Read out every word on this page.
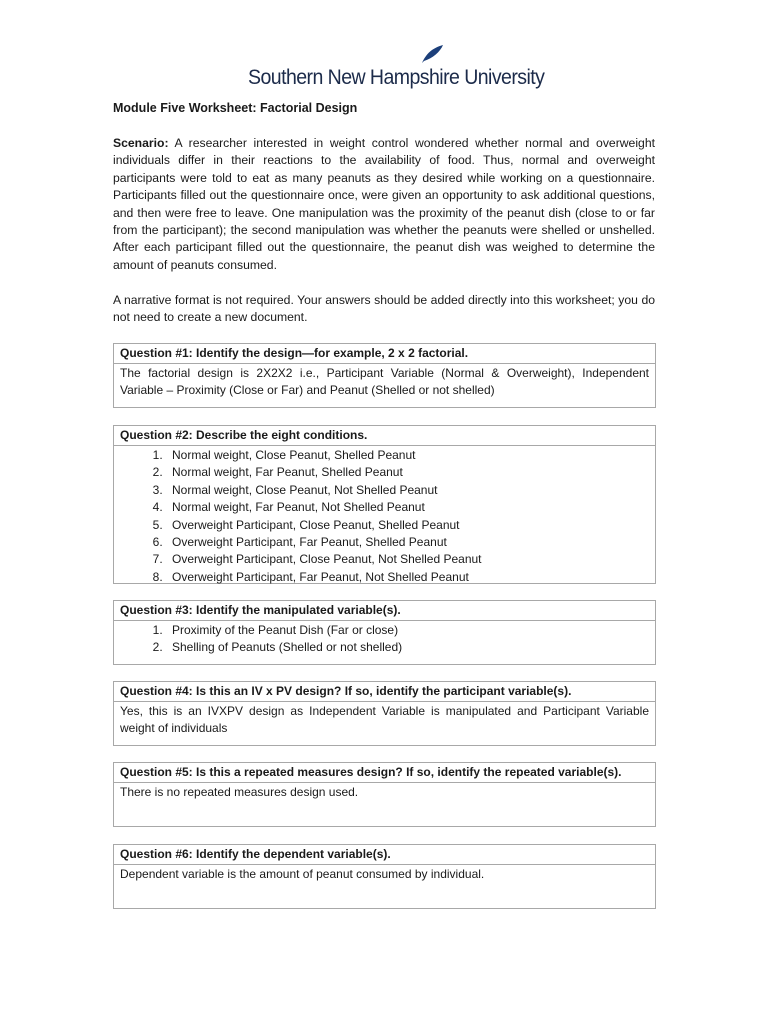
Southern New Hampshire University
Module Five Worksheet: Factorial Design

Scenario: A researcher interested in weight control wondered whether normal and overweight individuals differ in their reactions to the availability of food. Thus, normal and overweight participants were told to eat as many peanuts as they desired while working on a questionnaire. Participants filled out the questionnaire once, were given an opportunity to ask additional questions, and then were free to leave. One manipulation was the proximity of the peanut dish (close to or far from the participant); the second manipulation was whether the peanuts were shelled or unshelled. After each participant filled out the questionnaire, the peanut dish was weighed to determine the amount of peanuts consumed.

A narrative format is not required. Your answers should be added directly into this worksheet; you do not need to create a new document.

Question #1: Identify the design—for example, 2 x 2 factorial.

The factorial design is 2X2X2 i.e., Participant Variable (Normal & Overweight), Independent Variable – Proximity (Close or Far) and Peanut (Shelled or not shelled)

Question #2: Describe the eight conditions.
1. Normal weight, Close Peanut, Shelled Peanut
2. Normal weight, Far Peanut, Shelled Peanut
3. Normal weight, Close Peanut, Not Shelled Peanut
4. Normal weight, Far Peanut, Not Shelled Peanut
5. Overweight Participant, Close Peanut, Shelled Peanut
6. Overweight Participant, Far Peanut, Shelled Peanut
7. Overweight Participant, Close Peanut, Not Shelled Peanut
8. Overweight Participant, Far Peanut, Not Shelled Peanut
Question #3: Identify the manipulated variable(s).
1. Proximity of the Peanut Dish (Far or close)
2. Shelling of Peanuts (Shelled or not shelled)
Question #4: Is this an IV x PV design? If so, identify the participant variable(s).

Yes, this is an IVXPV design as Independent Variable is manipulated and Participant Variable weight of individuals

Question #5: Is this a repeated measures design? If so, identify the repeated variable(s).

There is no repeated measures design used.

Question #6: Identify the dependent variable(s).

Dependent variable is the amount of peanut consumed by individual.
